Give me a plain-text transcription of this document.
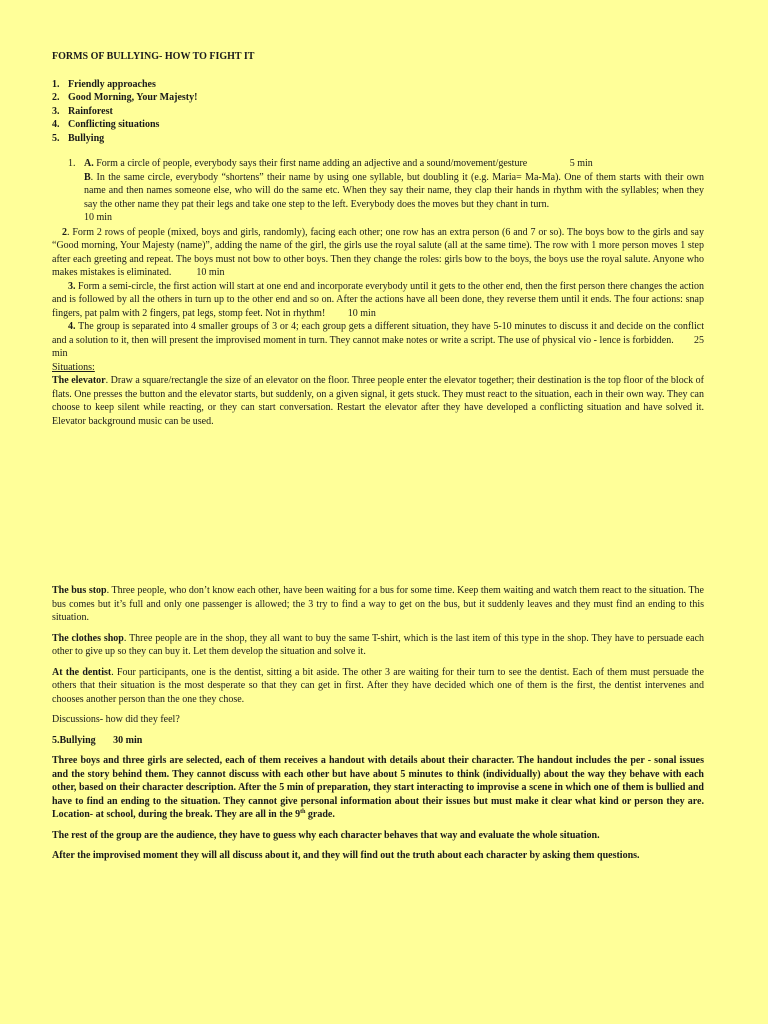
FORMS OF BULLYING- HOW TO FIGHT IT

1. Friendly approaches
2. Good Morning, Your Majesty!
3. Rainforest
4. Conflicting situations
5. Bullying

1. A. Form a circle of people, everybody says their first name adding an adjective and a sound/movement/gesture	5 min

B. In the same circle, everybody “shortens” their name by using one syllable, but doubling it (e.g. Maria= Ma-Ma). One of them starts with their own name and then names someone else, who will do the same etc. When they say their name, they clap their hands in rhythm with the syllables; when they say the other name they pat their legs and take one step to the left. Everybody does the moves but they chant in turn.
10 min

2. Form 2 rows of people (mixed, boys and girls, randomly), facing each other; one row has an extra person (6 and 7 or so). The boys bow to the girls and say “Good morning, Your Majesty (name)”, adding the name of the girl, the girls use the royal salute (all at the same time). The row with 1 more person moves 1 step after each greeting and repeat. The boys must not bow to other boys. Then they change the roles: girls bow to the boys, the boys use the royal salute. Anyone who makes mistakes is eliminated.	10 min

3. Form a semi-circle, the first action will start at one end and incorporate everybody until it gets to the other end, then the first person there changes the action and is followed by all the others in turn up to the other end and so on. After the actions have all been done, they reverse them until it ends. The four actions: snap fingers, pat palm with 2 fingers, pat legs, stomp feet. Not in rhythm! 10 min

4. The group is separated into 4 smaller groups of 3 or 4; each group gets a different situation, they have 5-10 minutes to discuss it and decide on the conflict and a solution to it, then will present the improvised moment in turn. They cannot make notes or write a script. The use of physical vio - lence is forbidden. 25 min

Situations:

The elevator. Draw a square/rectangle the size of an elevator on the floor. Three people enter the elevator together; their destination is the top floor of the block of flats. One presses the button and the elevator starts, but suddenly, on a given signal, it gets stuck. They must react to the situation, each in their own way. They can choose to keep silent while reacting, or they can start conversation. Restart the elevator after they have developed a conflicting situation and have solved it. Elevator background music can be used.

The bus stop. Three people, who don’t know each other, have been waiting for a bus for some time. Keep them waiting and watch them react to the situation. The bus comes but it’s full and only one passenger is allowed; the 3 try to find a way to get on the bus, but it suddenly leaves and they must find an ending to this situation.

The clothes shop. Three people are in the shop, they all want to buy the same T-shirt, which is the last item of this type in the shop. They have to persuade each other to give up so they can buy it. Let them develop the situation and solve it.

At the dentist. Four participants, one is the dentist, sitting a bit aside. The other 3 are waiting for their turn to see the dentist. Each of them must persuade the others that their situation is the most desperate so that they can get in first. After they have decided which one of them is the first, the dentist intervenes and chooses another person than the one they chose.

Discussions- how did they feel?

5.Bullying 30 min

Three boys and three girls are selected, each of them receives a handout with details about their character. The handout includes the per - sonal issues and the story behind them. They cannot discuss with each other but have about 5 minutes to think (individually) about the way they behave with each other, based on their character description. After the 5 min of preparation, they start interacting to improvise a scene in which one of them is bullied and have to find an ending to the situation. They cannot give personal information about their issues but must make it clear what kind or person they are. Location- at school, during the break. They are all in the 9th grade.

The rest of the group are the audience, they have to guess why each character behaves that way and evaluate the whole situation.

After the improvised moment they will all discuss about it, and they will find out the truth about each character by asking them questions.
